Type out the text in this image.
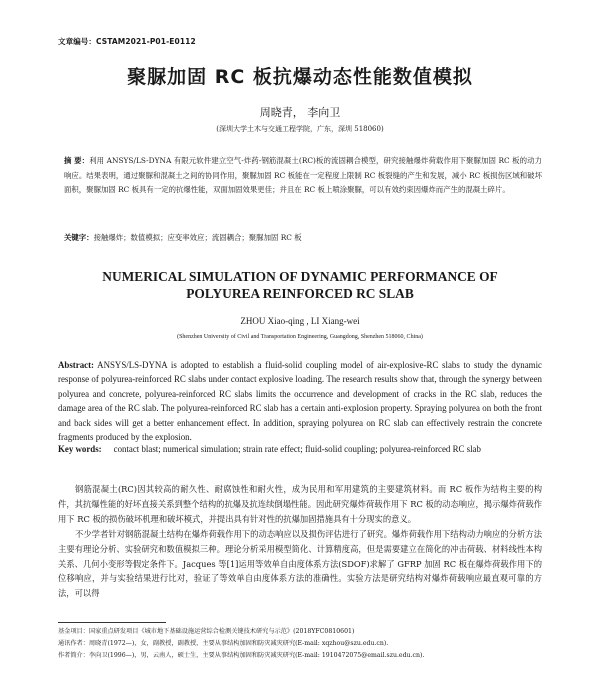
文章编号：CSTAM2021-P01-E0112
聚脲加固 RC 板抗爆动态性能数值模拟
周晓青， 李向卫
(深圳大学土木与交通工程学院，广东，深圳 518060)
摘 要：利用 ANSYS/LS-DYNA 有限元软件建立空气-炸药-钢筋混凝土(RC)板的流固耦合模型，研究接触爆炸荷载作用下聚脲加固 RC 板的动力响应。结果表明，通过聚脲和混凝土之间的协同作用，聚脲加固 RC 板能在一定程度上限制 RC 板裂缝的产生和发展，减小 RC 板损伤区域和破坏面积，聚脲加固 RC 板具有一定的抗爆性能，双面加固效果更佳；并且在 RC 板上喷涂聚脲，可以有效约束因爆炸而产生的混凝土碎片。
关键字：接触爆炸；数值模拟；应变率效应；流固耦合；聚脲加固 RC 板
NUMERICAL SIMULATION OF DYNAMIC PERFORMANCE OF
POLYUREA REINFORCED RC SLAB
ZHOU Xiao-qing , LI Xiang-wei
(Shenzhen University of Civil and Transportation Engineering, Guangdong, Shenzhen 518060, China)
Abstract: ANSYS/LS-DYNA is adopted to establish a fluid-solid coupling model of air-explosive-RC slabs to study the dynamic response of polyurea-reinforced RC slabs under contact explosive loading. The research results show that, through the synergy between polyurea and concrete, polyurea-reinforced RC slabs limits the occurrence and development of cracks in the RC slab, reduces the damage area of the RC slab. The polyurea-reinforced RC slab has a certain anti-explosion property. Spraying polyurea on both the front and back sides will get a better enhancement effect. In addition, spraying polyurea on RC slab can effectively restrain the concrete fragments produced by the explosion.
Key words:	contact blast; numerical simulation; strain rate effect; fluid-solid coupling; polyurea-reinforced RC slab

钢筋混凝土(RC)因其较高的耐久性、耐腐蚀性和耐火性，成为民用和军用建筑的主要建筑材料。而 RC 板作为结构主要的构件，其抗爆性能的好坏直接关系到整个结构的抗爆及抗连续倒塌性能。因此研究爆炸荷载作用下 RC 板的动态响应，揭示爆炸荷载作用下 RC 板的损伤破坏机理和破坏模式，并提出具有针对性的抗爆加固措施具有十分现实的意义。

不少学者针对钢筋混凝土结构在爆炸荷载作用下的动态响应以及损伤评估进行了研究。爆炸荷载作用下结构动力响应的分析方法主要有理论分析、实验研究和数值模拟三种。理论分析采用模型简化、计算精度高，但是需要建立在简化的冲击荷载、材料线性本构关系、几何小变形等假定条件下。Jacques 等[1]运用等效单自由度体系方法(SDOF)求解了 GFRP 加固 RC 板在爆炸荷载作用下的位移响应，并与实验结果进行比对，验证了等效单自由度体系方法的准确性。实验方法是研究结构对爆炸荷载响应最直观可靠的方法，可以得

基金项目：国家重点研发项目《城市地下基础设施运营综合检测关键技术研究与示范》(2018YFC0810601)
通讯作者：周晓青(1972—)，女，副教授，副教授，主要从事结构加固和防灾减灾研究(E-mail: xqzhou@szu.edu.cn).
作者简介：李向卫(1996—)，男，云南人，硕士生，主要从事结构加固和防灾减灾研究(E-mail: 1910472075@email.szu.edu.cn).
